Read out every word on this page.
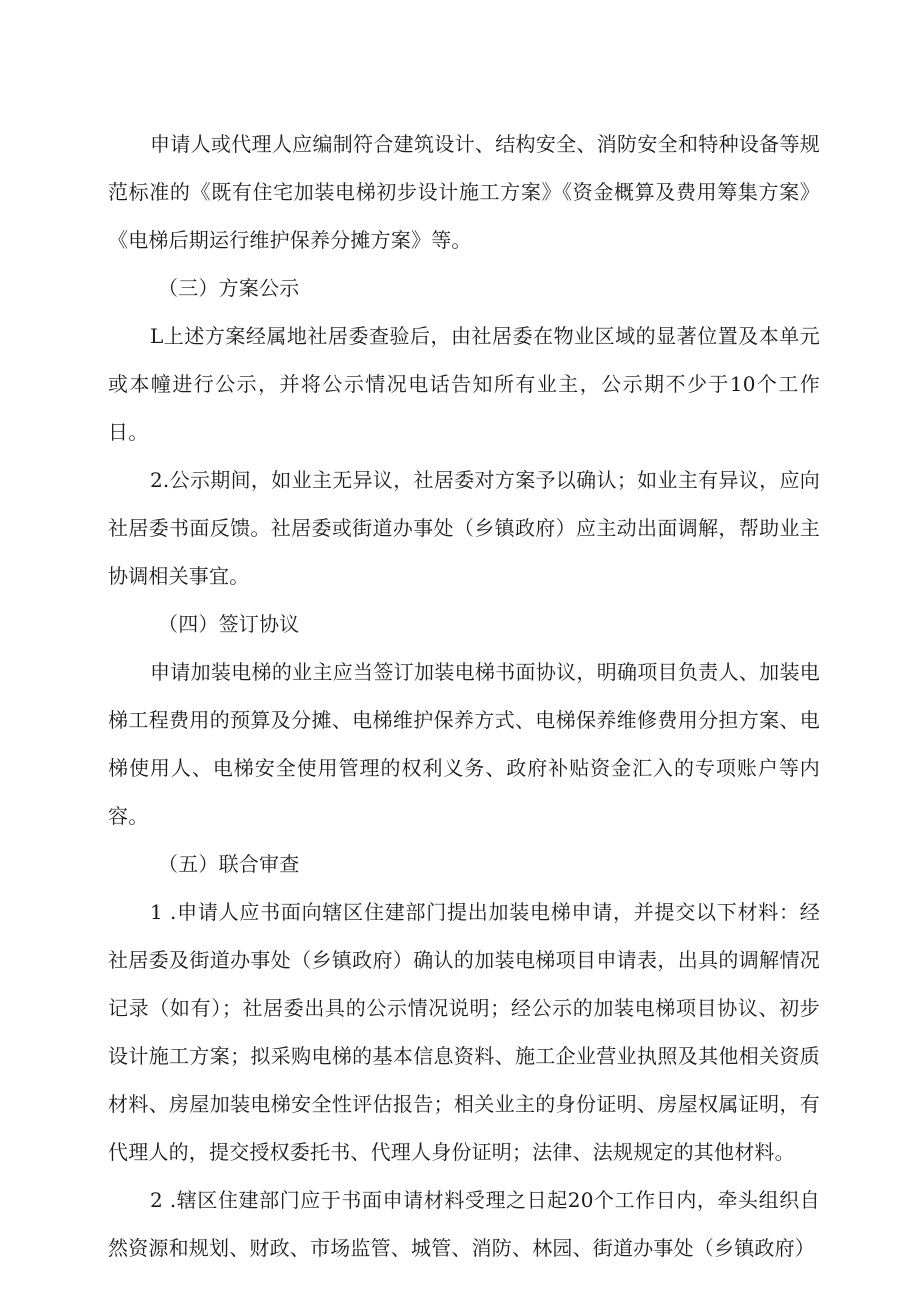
申请人或代理人应编制符合建筑设计、结构安全、消防安全和特种设备等规范标准的《既有住宅加装电梯初步设计施工方案》《资金概算及费用筹集方案》《电梯后期运行维护保养分摊方案》等。

（三）方案公示

L上述方案经属地社居委查验后，由社居委在物业区域的显著位置及本单元或本幢进行公示，并将公示情况电话告知所有业主，公示期不少于10个工作日。

2.公示期间，如业主无异议，社居委对方案予以确认；如业主有异议，应向社居委书面反馈。社居委或街道办事处（乡镇政府）应主动出面调解，帮助业主协调相关事宜。

（四）签订协议

申请加装电梯的业主应当签订加装电梯书面协议，明确项目负责人、加装电梯工程费用的预算及分摊、电梯维护保养方式、电梯保养维修费用分担方案、电梯使用人、电梯安全使用管理的权利义务、政府补贴资金汇入的专项账户等内容。

（五）联合审查

1 .申请人应书面向辖区住建部门提出加装电梯申请，并提交以下材料：经社居委及街道办事处（乡镇政府）确认的加装电梯项目申请表，出具的调解情况记录（如有）；社居委出具的公示情况说明；经公示的加装电梯项目协议、初步设计施工方案；拟采购电梯的基本信息资料、施工企业营业执照及其他相关资质材料、房屋加装电梯安全性评估报告；相关业主的身份证明、房屋权属证明，有代理人的，提交授权委托书、代理人身份证明；法律、法规规定的其他材料。

2 .辖区住建部门应于书面申请材料受理之日起20个工作日内，牵头组织自然资源和规划、财政、市场监管、城管、消防、林园、街道办事处（乡镇政府）
